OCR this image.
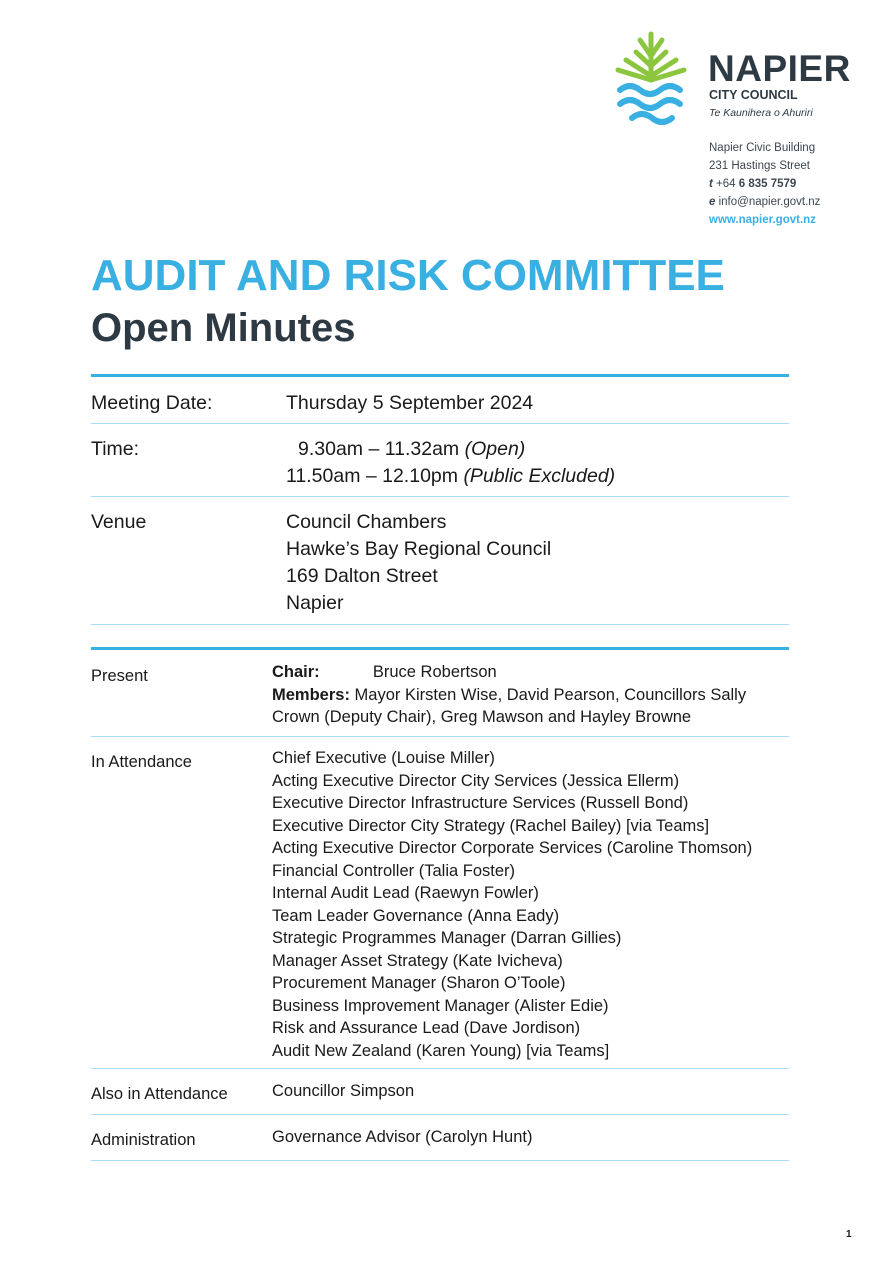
NAPIER
CITY COUNCIL
Te Kaunihera o Ahuriri
Napier Civic Building
231 Hastings Street
t +64 6 835 7579
e info@napier.govt.nz
www.napier.govt.nz
AUDIT AND RISK COMMITTEE
Open Minutes
Meeting Date:	Thursday 5 September 2024
Time:	9.30am – 11.32am (Open)
11.50am – 12.10pm (Public Excluded)
Venue	Council Chambers
Hawke’s Bay Regional Council
169 Dalton Street
Napier
Present	Chair:	Bruce Robertson
Members: Mayor Kirsten Wise, David Pearson, Councillors Sally
Crown (Deputy Chair), Greg Mawson and Hayley Browne
In Attendance	Chief Executive (Louise Miller)
Acting Executive Director City Services (Jessica Ellerm)
Executive Director Infrastructure Services (Russell Bond)
Executive Director City Strategy (Rachel Bailey) [via Teams]
Acting Executive Director Corporate Services (Caroline Thomson)
Financial Controller (Talia Foster)
Internal Audit Lead (Raewyn Fowler)
Team Leader Governance (Anna Eady)
Strategic Programmes Manager (Darran Gillies)
Manager Asset Strategy (Kate Ivicheva)
Procurement Manager (Sharon O’Toole)
Business Improvement Manager (Alister Edie)
Risk and Assurance Lead (Dave Jordison)
Audit New Zealand (Karen Young) [via Teams]
Also in Attendance	Councillor Simpson
Administration	Governance Advisor (Carolyn Hunt)
1
